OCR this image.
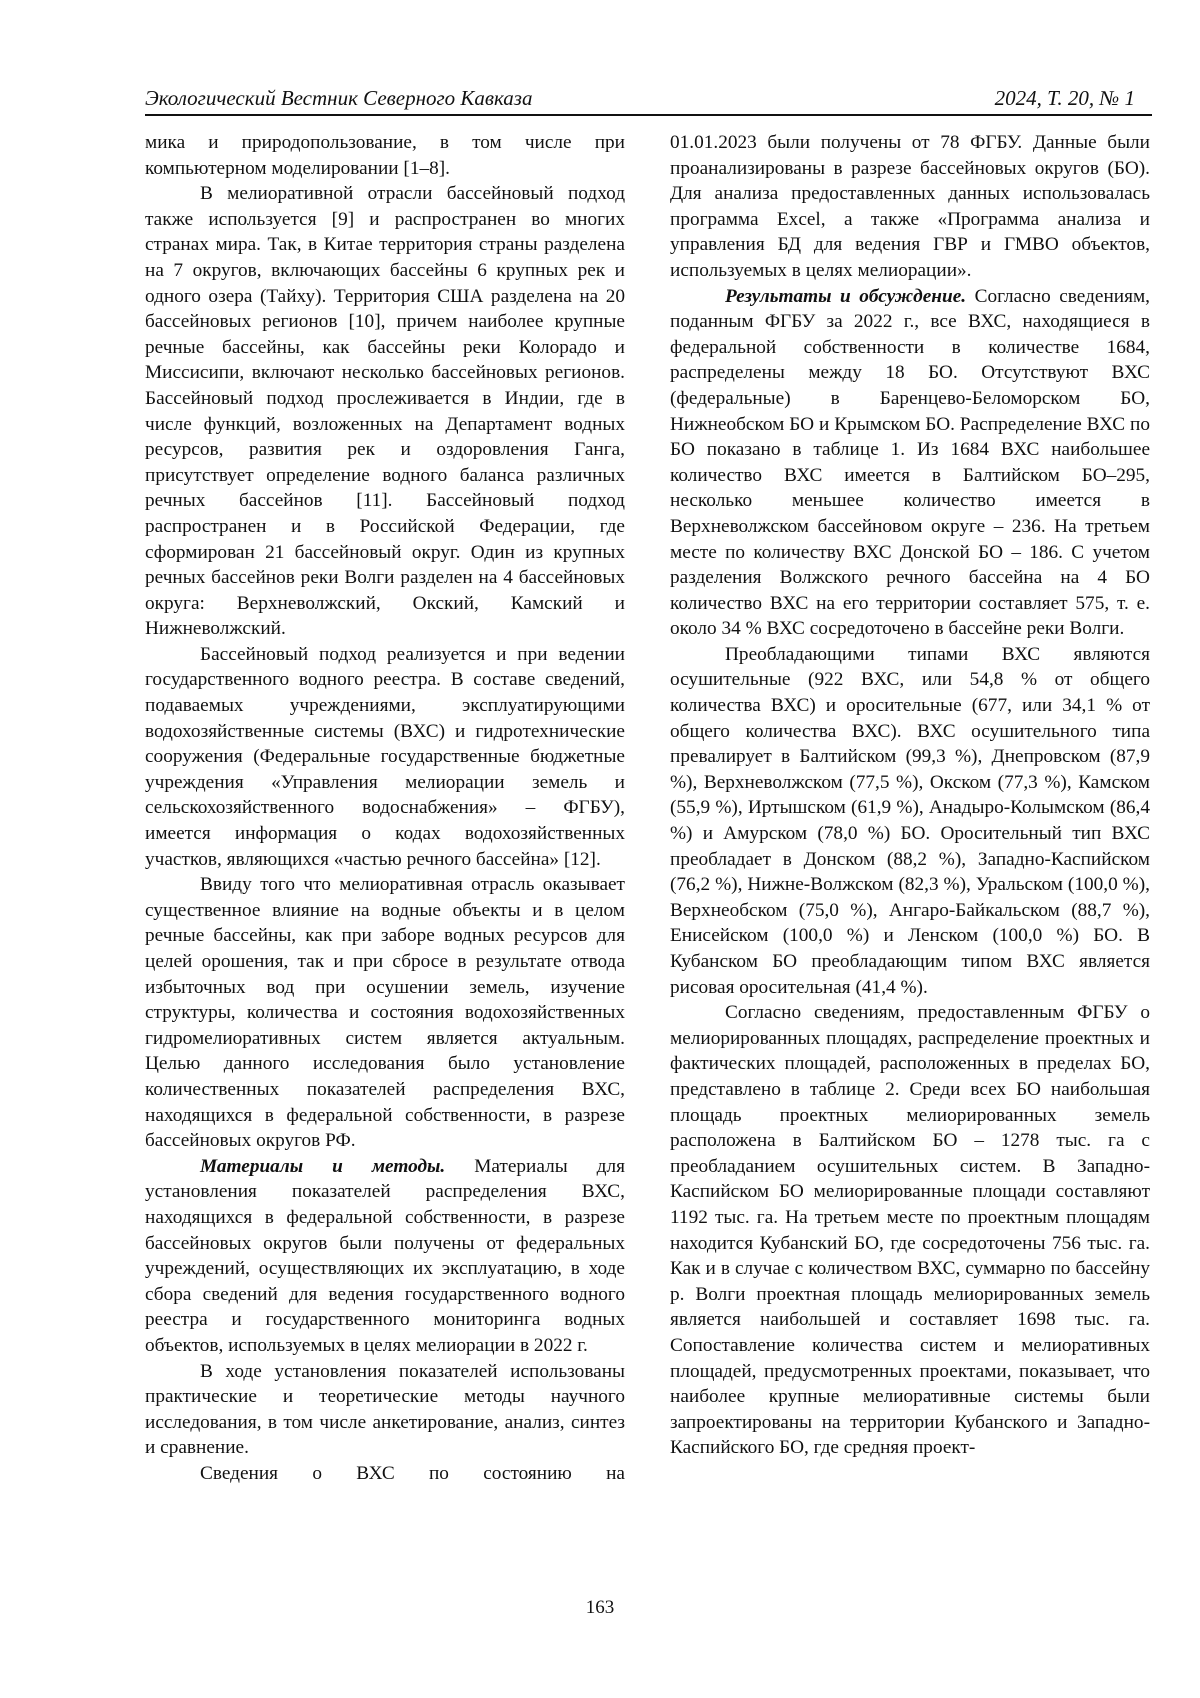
Экологический Вестник Северного Кавказа	2024, Т. 20, № 1

мика и природопользование, в том числе при компьютерном моделировании [1–8].

В мелиоративной отрасли бассейновый подход также используется [9] и распространен во многих странах мира. Так, в Китае территория страны разделена на 7 округов, включающих бассейны 6 крупных рек и одного озера (Тайху). Территория США разделена на 20 бассейновых регионов [10], причем наиболее крупные речные бассейны, как бассейны реки Колорадо и Миссисипи, включают несколько бассейновых регионов. Бассейновый подход прослеживается в Индии, где в числе функций, возложенных на Департамент водных ресурсов, развития рек и оздоровления Ганга, присутствует определение водного баланса различных речных бассейнов [11]. Бассейновый подход распространен и в Российской Федерации, где сформирован 21 бассейновый округ. Один из крупных речных бассейнов реки Волги разделен на 4 бассейновых округа: Верхневолжский, Окский, Камский и Нижневолжский.

Бассейновый подход реализуется и при ведении государственного водного реестра. В составе сведений, подаваемых учреждениями, эксплуатирующими водохозяйственные системы (ВХС) и гидротехнические сооружения (Федеральные государственные бюджетные учреждения «Управления мелиорации земель и сельскохозяйственного водоснабжения» – ФГБУ), имеется информация о кодах водохозяйственных участков, являющихся «частью речного бассейна» [12].

Ввиду того что мелиоративная отрасль оказывает существенное влияние на водные объекты и в целом речные бассейны, как при заборе водных ресурсов для целей орошения, так и при сбросе в результате отвода избыточных вод при осушении земель, изучение структуры, количества и состояния водохозяйственных гидромелиоративных систем является актуальным. Целью данного исследования было установление количественных показателей распределения ВХС, находящихся в федеральной собственности, в разрезе бассейновых округов РФ.

Материалы и методы. Материалы для установления показателей распределения ВХС, находящихся в федеральной собственности, в разрезе бассейновых округов были получены от федеральных учреждений, осуществляющих их эксплуатацию, в ходе сбора сведений для ведения государственного водного реестра и государственного мониторинга водных объектов, используемых в целях мелиорации в 2022 г.

В ходе установления показателей использованы практические и теоретические методы научного исследования, в том числе анкетирование, анализ, синтез и сравнение.

Сведения о ВХС по состоянию на

01.01.2023 были получены от 78 ФГБУ. Данные были проанализированы в разрезе бассейновых округов (БО). Для анализа предоставленных данных использовалась программа Excel, а также «Программа анализа и управления БД для ведения ГВР и ГМВО объектов, используемых в целях мелиорации».

Результаты и обсуждение. Согласно сведениям, поданным ФГБУ за 2022 г., все ВХС, находящиеся в федеральной собственности в количестве 1684, распределены между 18 БО. Отсутствуют ВХС (федеральные) в Баренцево-Беломорском БО, Нижнеобском БО и Крымском БО. Распределение ВХС по БО показано в таблице 1. Из 1684 ВХС наибольшее количество ВХС имеется в Балтийском БО–295, несколько меньшее количество имеется в Верхневолжском бассейновом округе – 236. На третьем месте по количеству ВХС Донской БО – 186. С учетом разделения Волжского речного бассейна на 4 БО количество ВХС на его территории составляет 575, т. е. около 34 % ВХС сосредоточено в бассейне реки Волги.

Преобладающими типами ВХС являются осушительные (922 ВХС, или 54,8 % от общего количества ВХС) и оросительные (677, или 34,1 % от общего количества ВХС). ВХС осушительного типа превалирует в Балтийском (99,3 %), Днепровском (87,9 %), Верхневолжском (77,5 %), Окском (77,3 %), Камском (55,9 %), Иртышском (61,9 %), Анадыро-Колымском (86,4 %) и Амурском (78,0 %) БО. Оросительный тип ВХС преобладает в Донском (88,2 %), Западно-Каспийском (76,2 %), Нижне-Волжском (82,3 %), Уральском (100,0 %), Верхнеобском (75,0 %), Ангаро-Байкальском (88,7 %), Енисейском (100,0 %) и Ленском (100,0 %) БО. В Кубанском БО преобладающим типом ВХС является рисовая оросительная (41,4 %).

Согласно сведениям, предоставленным ФГБУ о мелиорированных площадях, распределение проектных и фактических площадей, расположенных в пределах БО, представлено в таблице 2. Среди всех БО наибольшая площадь проектных мелиорированных земель расположена в Балтийском БО – 1278 тыс. га с преобладанием осушительных систем. В Западно-Каспийском БО мелиорированные площади составляют 1192 тыс. га. На третьем месте по проектным площадям находится Кубанский БО, где сосредоточены 756 тыс. га. Как и в случае с количеством ВХС, суммарно по бассейну р. Волги проектная площадь мелиорированных земель является наибольшей и составляет 1698 тыс. га. Сопоставление количества систем и мелиоративных площадей, предусмотренных проектами, показывает, что наиболее крупные мелиоративные системы были запроектированы на территории Кубанского и Западно-Каспийского БО, где средняя проект-

163
